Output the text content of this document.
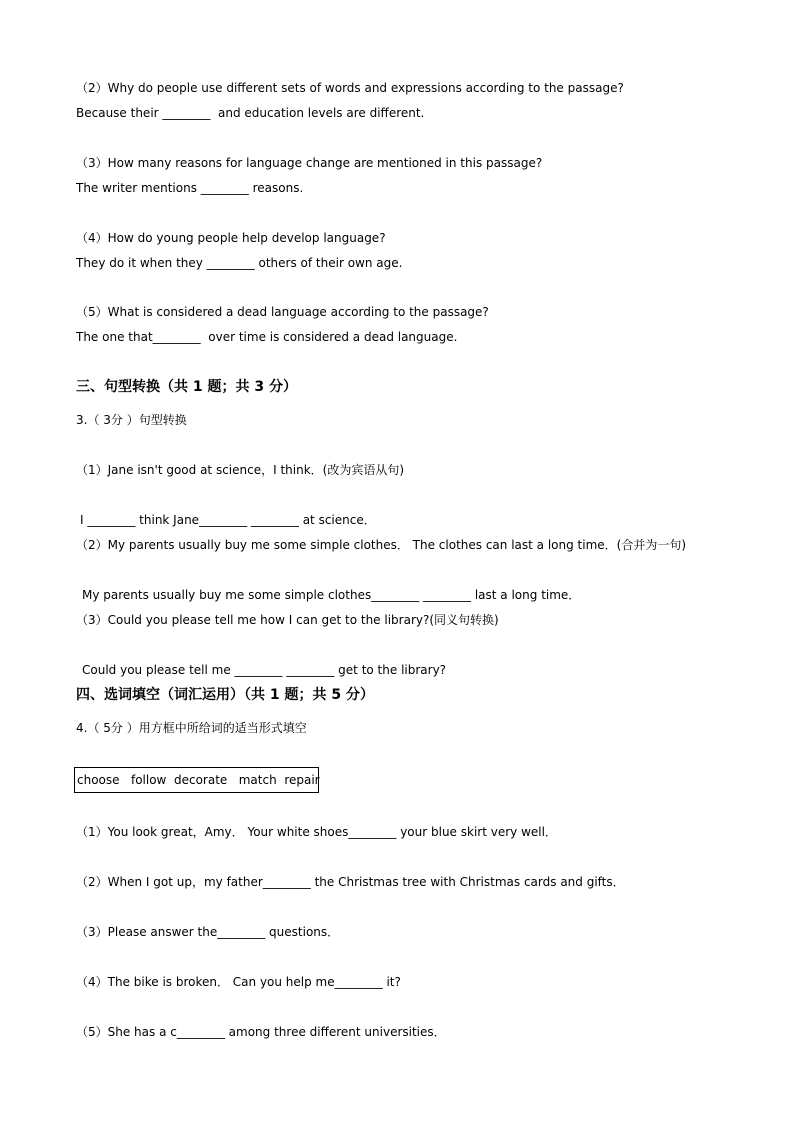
（2）Why do people use different sets of words and expressions according to the passage?
Because their ________  and education levels are different.
（3）How many reasons for language change are mentioned in this passage?
The writer mentions ________ reasons.
（4）How do young people help develop language?
They do it when they ________ others of their own age.
（5）What is considered a dead language according to the passage?
The one that________  over time is considered a dead language.
三、句型转换（共 1 题；共 3 分）
3.（ 3分 ）句型转换
（1）Jane isn't good at science，I think．(改为宾语从句)
I ________ think Jane________ ________ at science．
（2）My parents usually buy me some simple clothes． The clothes can last a long time．(合并为一句)
My parents usually buy me some simple clothes________ ________ last a long time．
（3）Could you please tell me how I can get to the library?(同义句转换)
Could you please tell me ________ ________ get to the library?
四、选词填空（词汇运用）（共 1 题；共 5 分）
4.（ 5分 ）用方框中所给词的适当形式填空
choose   follow  decorate   match  repair
（1）You look great，Amy． Your white shoes________ your blue skirt very well．
（2）When I got up，my father________ the Christmas tree with Christmas cards and gifts．
（3）Please answer the________ questions．
（4）The bike is broken． Can you help me________ it?
（5）She has a c________ among three different universities．
